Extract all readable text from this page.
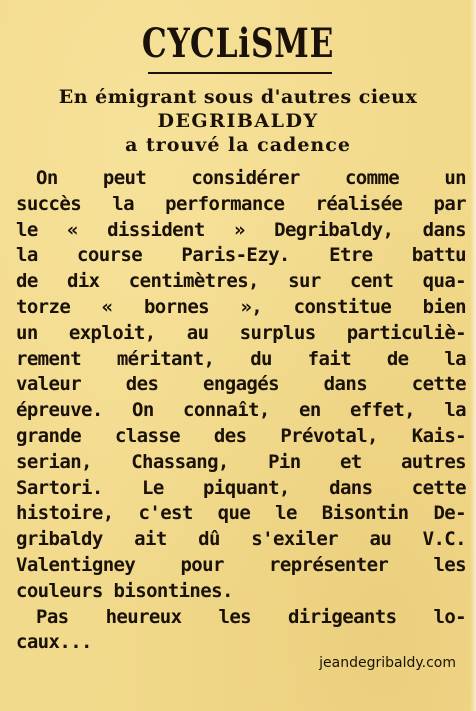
CYCLiSME
En émigrant sous d'autres cieux
DEGRIBALDY
a trouvé la cadence
On peut considérer comme un
succès la performance réalisée par
le « dissident » Degribaldy, dans
la course Paris-Ezy. Etre battu
de dix centimètres, sur cent qua-
torze « bornes », constitue bien
un exploit, au surplus particuliè-
rement méritant, du fait de la
valeur des engagés dans cette
épreuve. On connaît, en effet, la
grande classe des Prévotal, Kais-
serian, Chassang, Pin et autres
Sartori. Le piquant, dans cette
histoire, c'est que le Bisontin De-
gribaldy ait dû s'exiler au V.C.
Valentigney pour représenter les
couleurs bisontines.
Pas heureux les dirigeants lo-
caux...
jeandegribaldy.com
